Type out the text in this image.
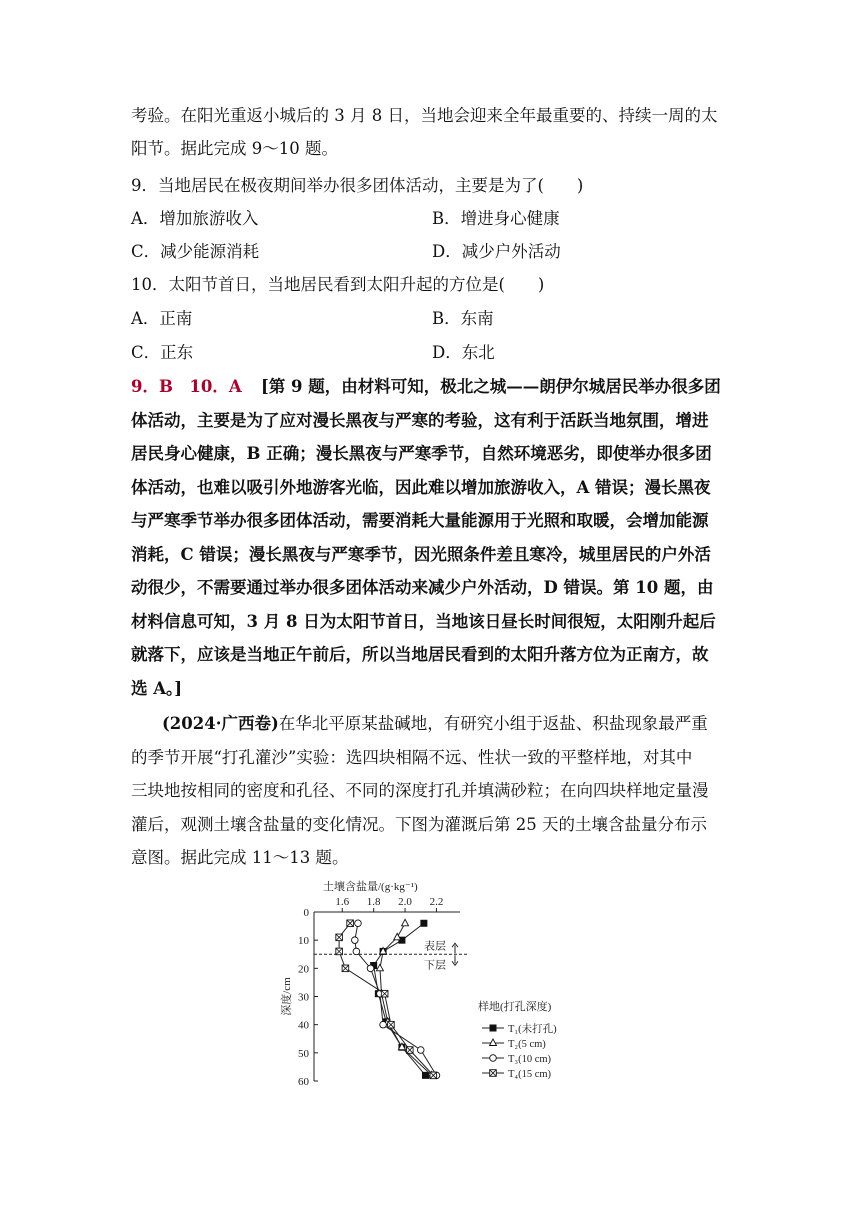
考验。在阳光重返小城后的 3 月 8 日，当地会迎来全年最重要的、持续一周的太
阳节。据此完成 9～10 题。
9．当地居民在极夜期间举办很多团体活动，主要是为了(　　)
A．增加旅游收入	B．增进身心健康
C．减少能源消耗	D．减少户外活动
10．太阳节首日，当地居民看到太阳升起的方位是(　　)
A．正南	B．东南
C．正东	D．东北
9．B　10．A [第 9 题，由材料可知，极北之城——朗伊尔城居民举办很多团
体活动，主要是为了应对漫长黑夜与严寒的考验，这有利于活跃当地氛围，增进
居民身心健康，B 正确；漫长黑夜与严寒季节，自然环境恶劣，即使举办很多团
体活动，也难以吸引外地游客光临，因此难以增加旅游收入，A 错误；漫长黑夜
与严寒季节举办很多团体活动，需要消耗大量能源用于光照和取暖，会增加能源
消耗，C 错误；漫长黑夜与严寒季节，因光照条件差且寒冷，城里居民的户外活
动很少，不需要通过举办很多团体活动来减少户外活动，D 错误。第 10 题，由
材料信息可知，3 月 8 日为太阳节首日，当地该日昼长时间很短，太阳刚升起后
就落下，应该是当地正午前后，所以当地居民看到的太阳升落方位为正南方，故
选 A。]
(2024·广西卷)在华北平原某盐碱地，有研究小组于返盐、积盐现象最严重
的季节开展“打孔灌沙”实验：选四块相隔不远、性状一致的平整样地，对其中
三块地按相同的密度和孔径、不同的深度打孔并填满砂粒；在向四块样地定量漫
灌后，观测土壤含盐量的变化情况。下图为灌溉后第 25 天的土壤含盐量分布示
意图。据此完成 11～13 题。
土壤含盐量/(g·kg⁻¹)
1.6 1.8 2.0 2.2
0
10
20
30
40
50
60
深度/cm
表层
下层
样地(打孔深度)
T₁(未打孔)
T₂(5 cm)
T₃(10 cm)
T₄(15 cm)
